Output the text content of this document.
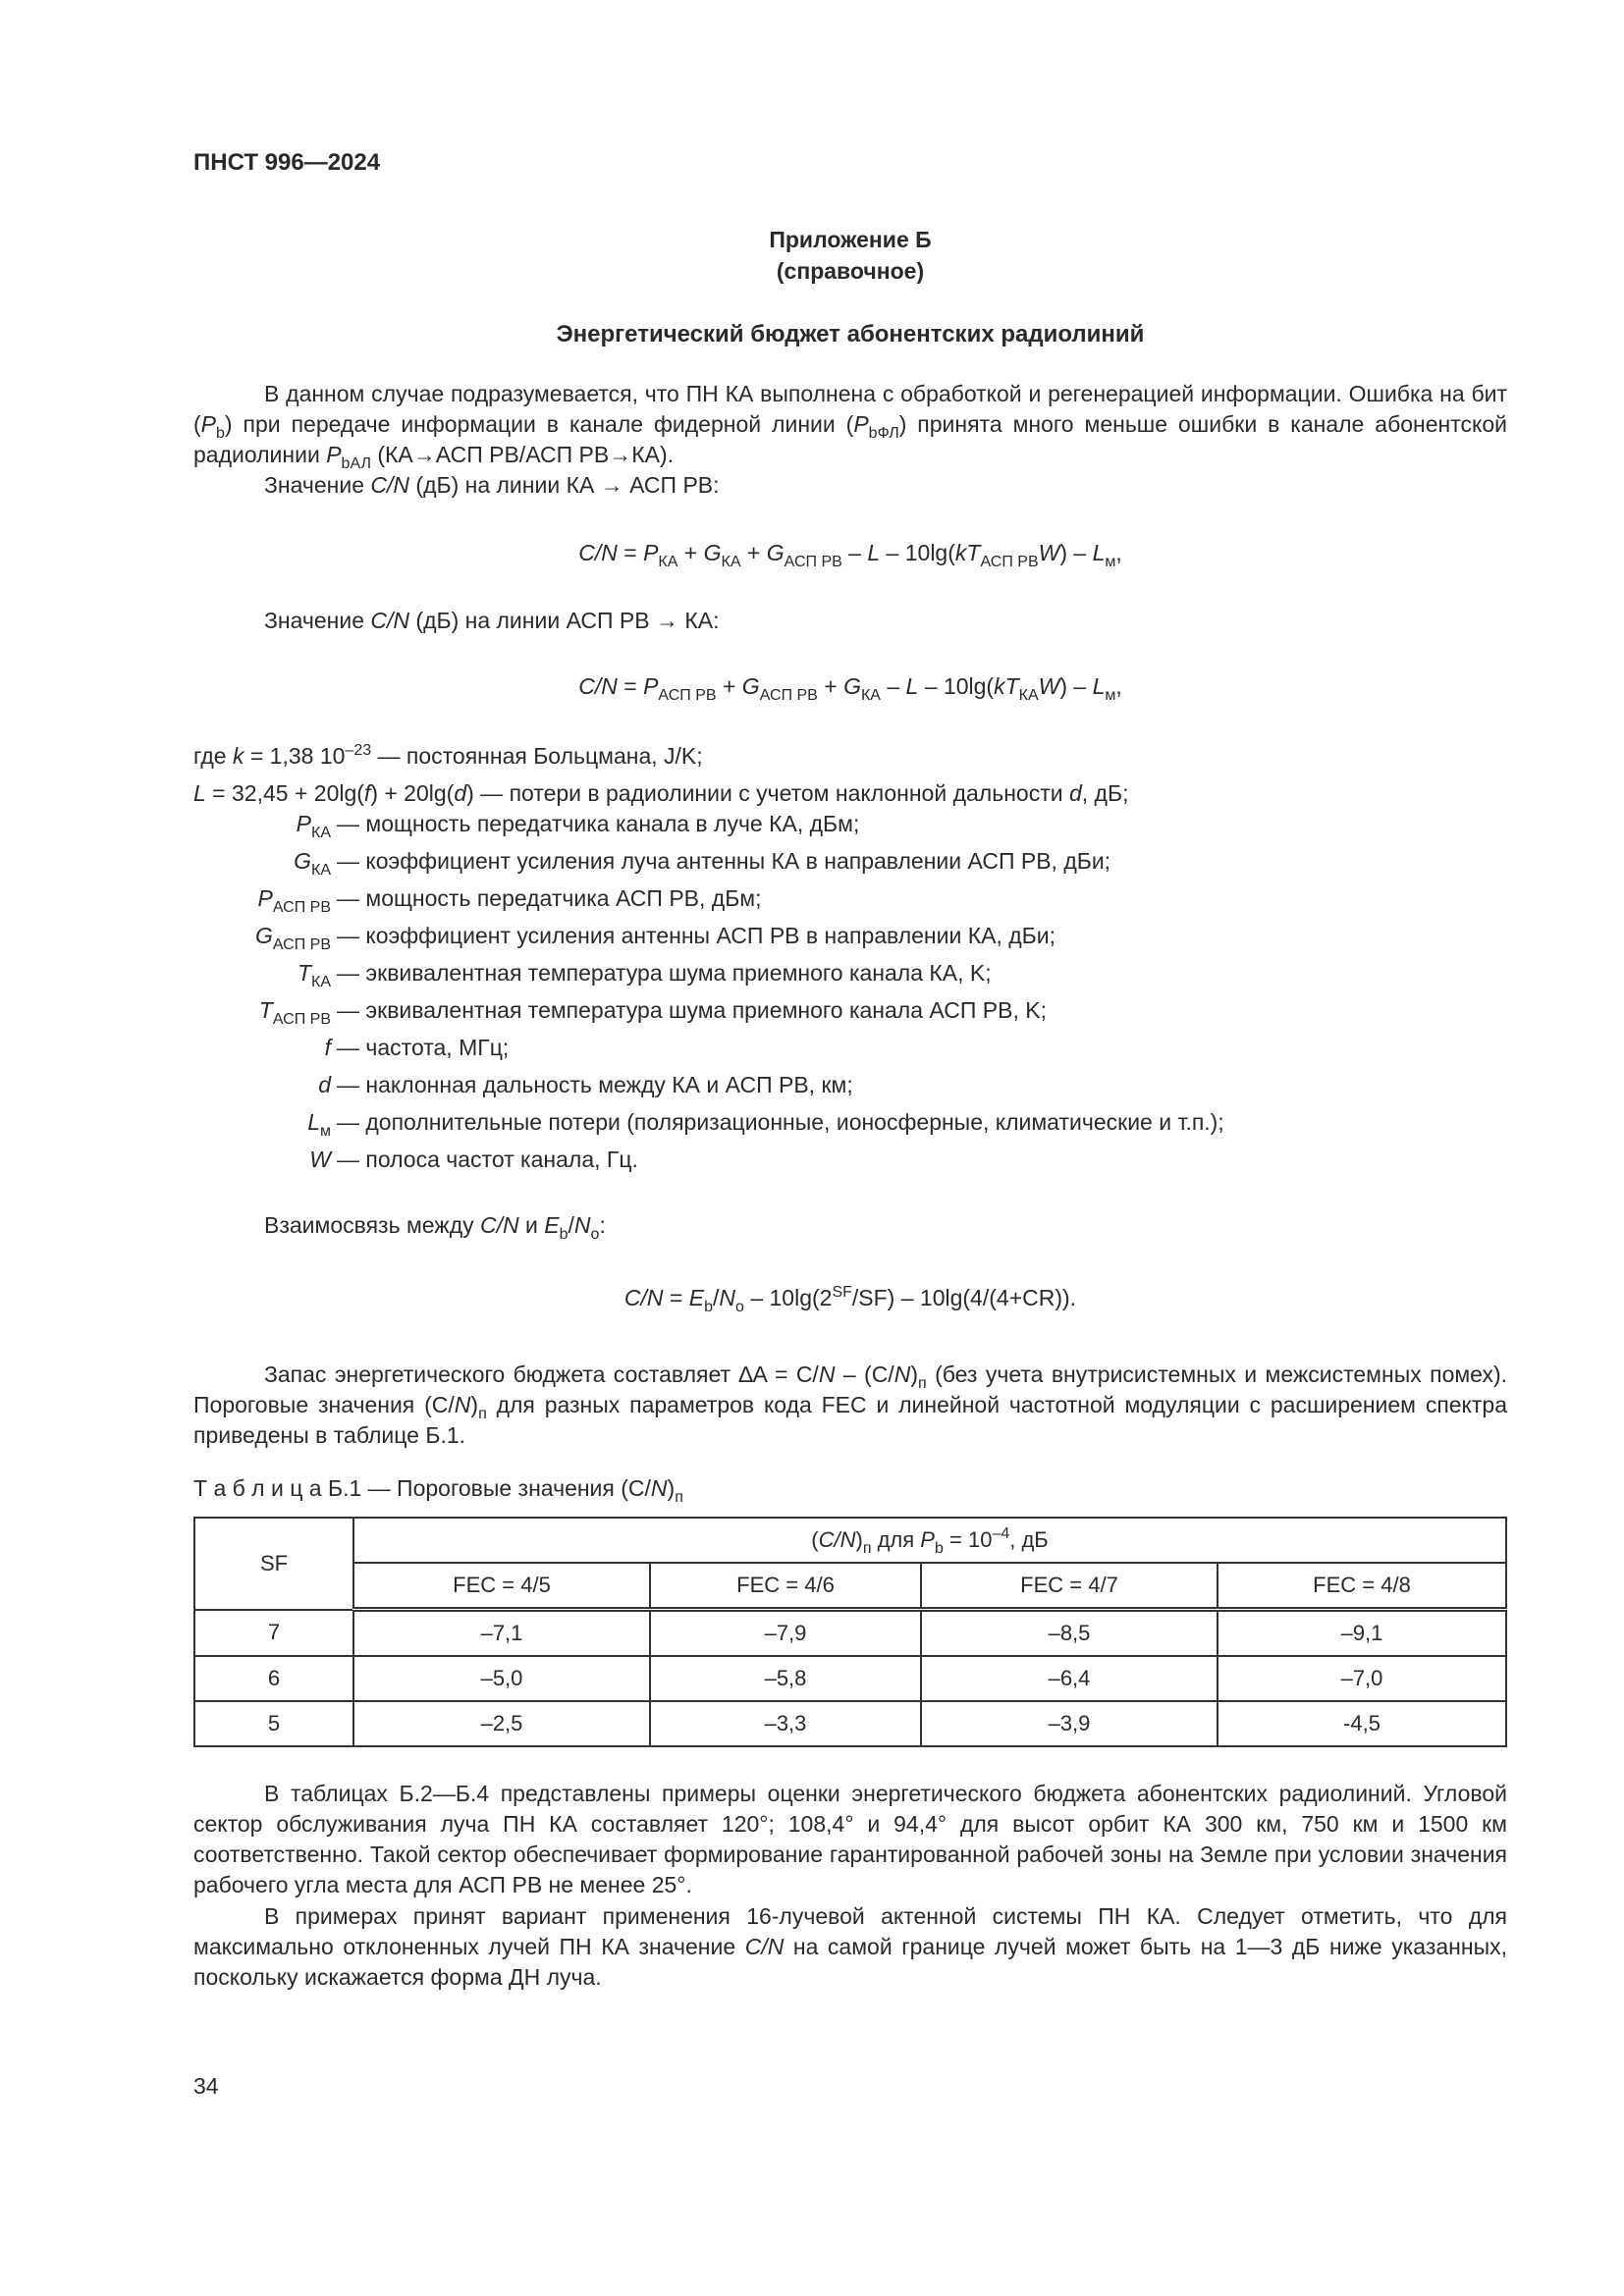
ПНСТ 996—2024
Приложение Б
(справочное)
Энергетический бюджет абонентских радиолиний
В данном случае подразумевается, что ПН КА выполнена с обработкой и регенерацией информации. Ошибка на бит $(P_b)$ при передаче информации в канале фидерной линии $(P_{bФЛ})$ принята много меньше ошибки в канале абонентской радиолинии $P_{bАЛ}$ (КА→АСП РВ/АСП РВ→КА).
Значение C/N (дБ) на линии КА → АСП РВ:
$C/N = P_{КА} + G_{КА} + G_{АСП РВ} - L - 10\lg(kT_{АСП РВ}W) - L_м$,
Значение C/N (дБ) на линии АСП РВ → КА:
$C/N = P_{АСП РВ} + G_{АСП РВ} + G_{КА} - L - 10\lg(kT_{КА}W) - L_м$,
где k = 1,38 $10^{-23}$ — постоянная Больцмана, J/K;
L = 32,45 + 20lg(f) + 20lg(d) — потери в радиолинии с учетом наклонной дальности d, дБ;
$P_{КА}$ — мощность передатчика канала в луче КА, дБм;
$G_{КА}$ — коэффициент усиления луча антенны КА в направлении АСП РВ, дБи;
$P_{АСП РВ}$ — мощность передатчика АСП РВ, дБм;
$G_{АСП РВ}$ — коэффициент усиления антенны АСП РВ в направлении КА, дБи;
$T_{КА}$ — эквивалентная температура шума приемного канала КА, K;
$T_{АСП РВ}$ — эквивалентная температура шума приемного канала АСП РВ, K;
f — частота, МГц;
d — наклонная дальность между КА и АСП РВ, км;
$L_м$ — дополнительные потери (поляризационные, ионосферные, климатические и т.п.);
W — полоса частот канала, Гц.
Взаимосвязь между C/N и $E_b/N_o$:
$C/N = E_b/N_o - 10\lg(2^{SF}/SF) - 10\lg(4/(4+CR))$.
Запас энергетического бюджета составляет $\Delta A = C/N - (C/N)_п$ (без учета внутрисистемных и межсистемных помех). Пороговые значения $(C/N)_п$ для разных параметров кода FEC и линейной частотной модуляции с расширением спектра приведены в таблице Б.1.
Т а б л и ц а Б.1 — Пороговые значения $(C/N)_п$
SF	$(C/N)_п$ для $P_b = 10^{-4}$, дБ			
	FEC = 4/5	FEC = 4/6	FEC = 4/7	FEC = 4/8
7	–7,1	–7,9	–8,5	–9,1
6	–5,0	–5,8	–6,4	–7,0
5	–2,5	–3,3	–3,9	-4,5
В таблицах Б.2—Б.4 представлены примеры оценки энергетического бюджета абонентских радиолиний. Угловой сектор обслуживания луча ПН КА составляет 120°; 108,4° и 94,4° для высот орбит КА 300 км, 750 км и 1500 км соответственно. Такой сектор обеспечивает формирование гарантированной рабочей зоны на Земле при условии значения рабочего угла места для АСП РВ не менее 25°.
В примерах принят вариант применения 16-лучевой актенной системы ПН КА. Следует отметить, что для максимально отклоненных лучей ПН КА значение C/N на самой границе лучей может быть на 1—3 дБ ниже указанных, поскольку искажается форма ДН луча.
34
